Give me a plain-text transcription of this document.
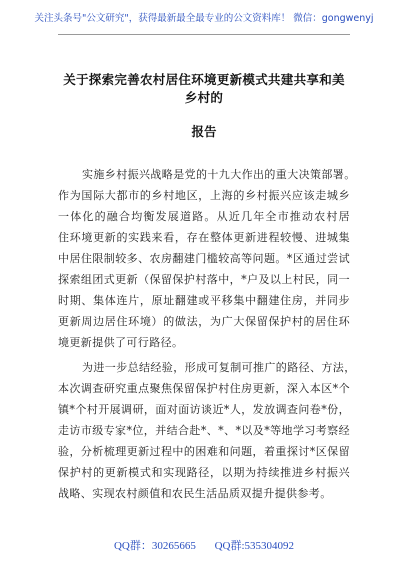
关注头条号"公文研究"，获得最新最全最专业的公文资料库！ 微信：gongwenyj
关于探索完善农村居住环境更新模式共建共享和美乡村的
报告
实施乡村振兴战略是党的十九大作出的重大决策部署。
作为国际大都市的乡村地区，上海的乡村振兴应该走城乡
一体化的融合均衡发展道路。从近几年全市推动农村居
住环境更新的实践来看，存在整体更新进程较慢、进城集
中居住限制较多、农房翻建门槛较高等问题。*区通过尝试
探索组团式更新（保留保护村落中，*户及以上村民，同一
时期、集体连片，原址翻建或平移集中翻建住房，并同步
更新周边居住环境）的做法，为广大保留保护村的居住环
境更新提供了可行路径。
为进一步总结经验，形成可复制可推广的路径、方法，
本次调查研究重点聚焦保留保护村住房更新，深入本区*个
镇*个村开展调研，面对面访谈近*人，发放调查问卷*份，
走访市级专家*位，并结合赴*、*、*以及*等地学习考察经
验，分析梳理更新过程中的困难和问题，着重探讨*区保留
保护村的更新模式和实现路径，以期为持续推进乡村振兴
战略、实现农村颜值和农民生活品质双提升提供参考。
QQ群：30265665 QQ群:535304092
